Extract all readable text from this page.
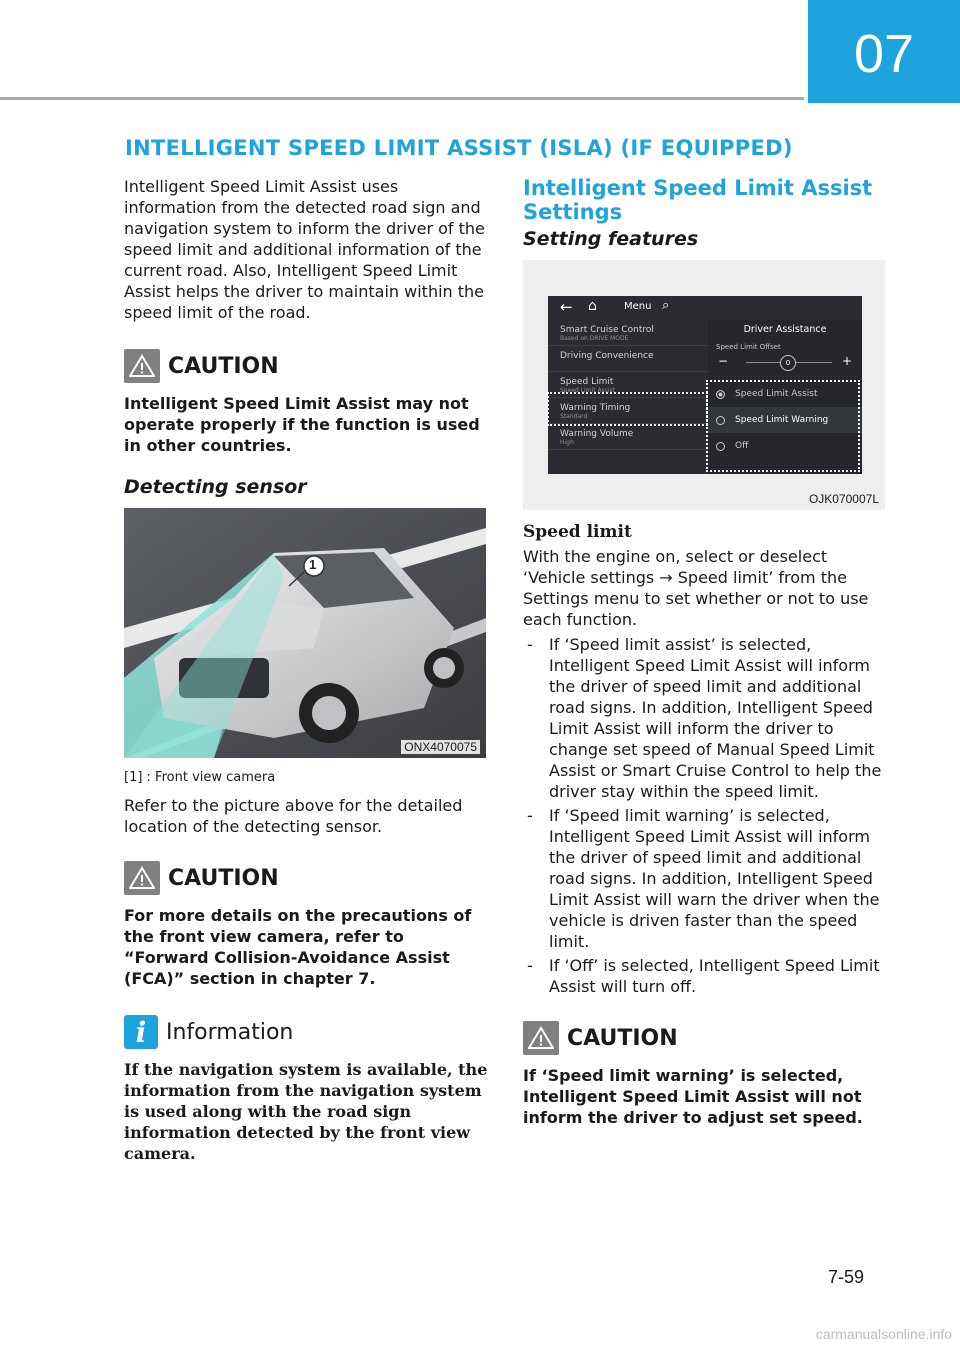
07
INTELLIGENT SPEED LIMIT ASSIST (ISLA) (IF EQUIPPED)

Intelligent Speed Limit Assist uses information from the detected road sign and navigation system to inform the driver of the speed limit and additional information of the current road. Also, Intelligent Speed Limit Assist helps the driver to maintain within the speed limit of the road.

CAUTION

Intelligent Speed Limit Assist may not operate properly if the function is used in other countries.

Detecting sensor
1
ONX4070075
[1] : Front view camera

Refer to the picture above for the detailed location of the detecting sensor.

CAUTION

For more details on the precautions of the front view camera, refer to “Forward Collision-Avoidance Assist (FCA)” section in chapter 7.

i Information

If the navigation system is available, the information from the navigation system is used along with the road sign information detected by the front view camera.

Intelligent Speed Limit Assist Settings

Setting features
← ⌂	Menu ⌕
Smart Cruise Control
Based on DRIVE MODE
Driving Convenience
Speed Limit
Speed Limit Assist
Warning Timing
Standard
Warning Volume
High
Driver Assistance
Speed Limit Offset
−	0	+
Speed Limit Assist
Speed Limit Warning
Off
OJK070007L
Speed limit

With the engine on, select or deselect ‘Vehicle settings → Speed limit’ from the Settings menu to set whether or not to use each function.

- If ‘Speed limit assist’ is selected, Intelligent Speed Limit Assist will inform the driver of speed limit and additional road signs. In addition, Intelligent Speed Limit Assist will inform the driver to change set speed of Manual Speed Limit Assist or Smart Cruise Control to help the driver stay within the speed limit.
- If ‘Speed limit warning’ is selected, Intelligent Speed Limit Assist will inform the driver of speed limit and additional road signs. In addition, Intelligent Speed Limit Assist will warn the driver when the vehicle is driven faster than the speed limit.
- If ‘Off’ is selected, Intelligent Speed Limit Assist will turn off.
CAUTION

If ‘Speed limit warning’ is selected, Intelligent Speed Limit Assist will not inform the driver to adjust set speed.

7-59
carmanualsonline.info
